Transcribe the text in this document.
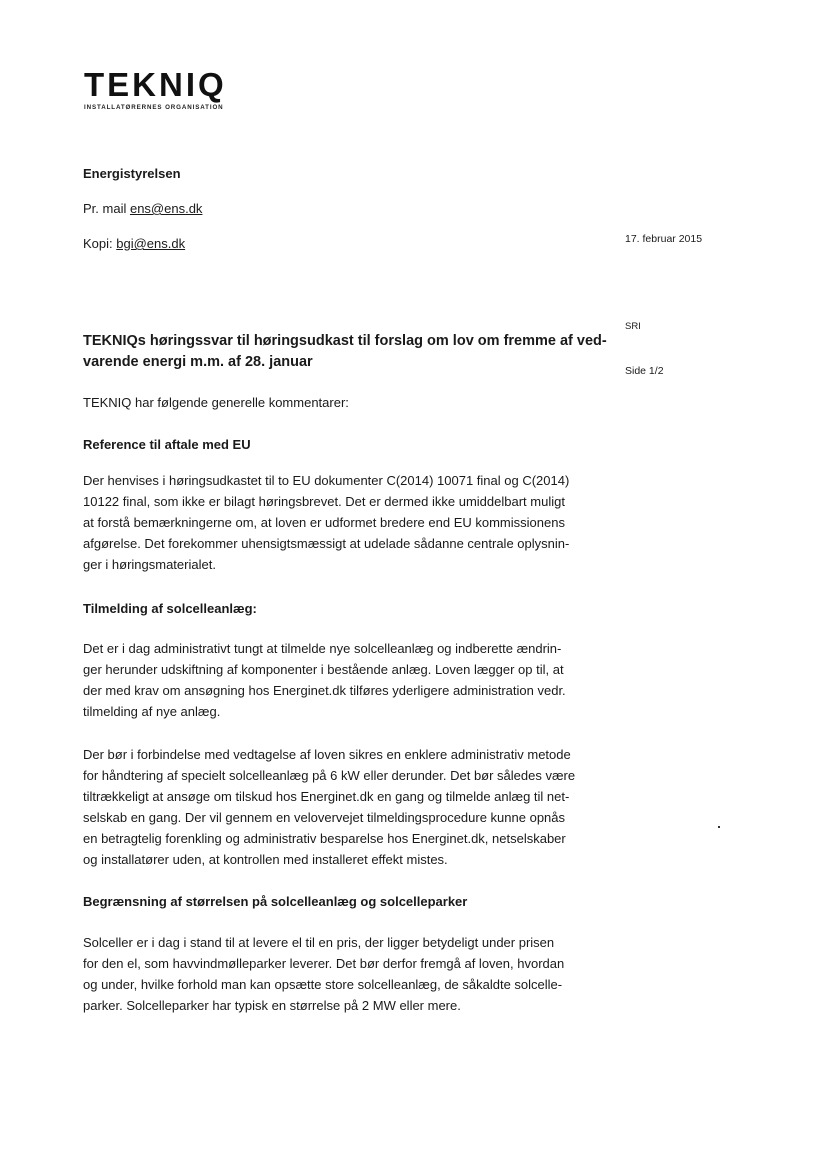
TEKNIQ
INSTALLATØRERNES ORGANISATION
Energistyrelsen
Pr. mail ens@ens.dk
Kopi: bgi@ens.dk	17. februar 2015
SRI
Side 1/2
TEKNIQs høringssvar til høringsudkast til forslag om lov om fremme af ved-
varende energi m.m. af 28. januar
TEKNIQ har følgende generelle kommentarer:
Reference til aftale med EU

Der henvises i høringsudkastet til to EU dokumenter C(2014) 10071 final og C(2014)

10122 final, som ikke er bilagt høringsbrevet. Det er dermed ikke umiddelbart muligt

at forstå bemærkningerne om, at loven er udformet bredere end EU kommissionens

afgørelse. Det forekommer uhensigtsmæssigt at udelade sådanne centrale oplysnin-

ger i høringsmaterialet.

Tilmelding af solcelleanlæg:

Det er i dag administrativt tungt at tilmelde nye solcelleanlæg og indberette ændrin-

ger herunder udskiftning af komponenter i bestående anlæg. Loven lægger op til, at

der med krav om ansøgning hos Energinet.dk tilføres yderligere administration vedr.

tilmelding af nye anlæg.

Der bør i forbindelse med vedtagelse af loven sikres en enklere administrativ metode

for håndtering af specielt solcelleanlæg på 6 kW eller derunder. Det bør således være

tiltrækkeligt at ansøge om tilskud hos Energinet.dk en gang og tilmelde anlæg til net-

selskab en gang. Der vil gennem en velovervejet tilmeldingsprocedure kunne opnås

en betragtelig forenkling og administrativ besparelse hos Energinet.dk, netselskaber

og installatører uden, at kontrollen med installeret effekt mistes.

Begrænsning af størrelsen på solcelleanlæg og solcelleparker

Solceller er i dag i stand til at levere el til en pris, der ligger betydeligt under prisen

for den el, som havvindmølleparker leverer. Det bør derfor fremgå af loven, hvordan

og under, hvilke forhold man kan opsætte store solcelleanlæg, de såkaldte solcelle-

parker. Solcelleparker har typisk en størrelse på 2 MW eller mere.
